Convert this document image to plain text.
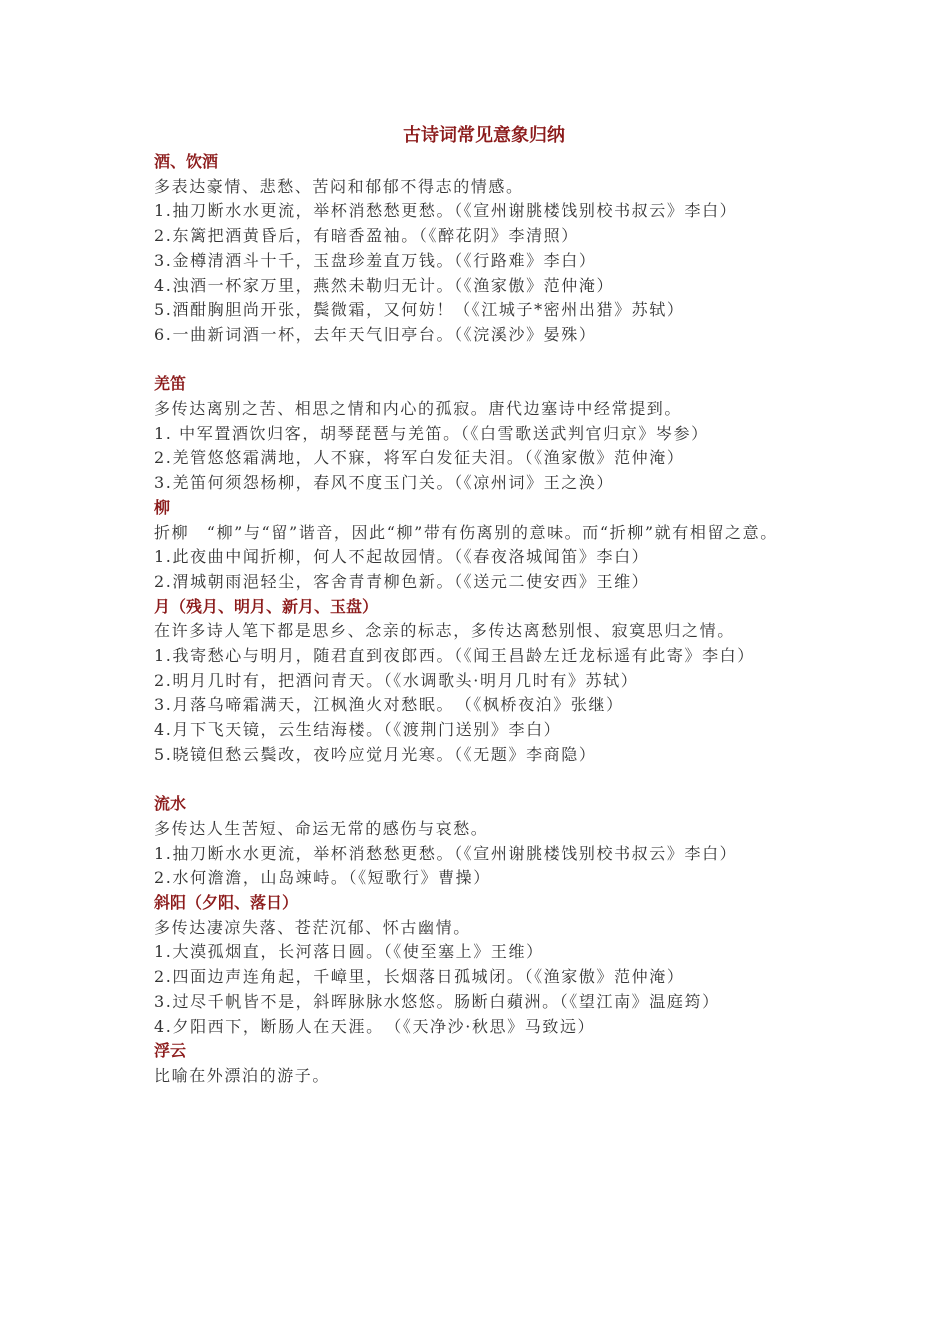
古诗词常见意象归纳

酒、饮酒

多表达豪情、悲愁、苦闷和郁郁不得志的情感。

1.抽刀断水水更流，举杯消愁愁更愁。（《宣州谢朓楼饯别校书叔云》李白）

2.东篱把酒黄昏后，有暗香盈袖。（《醉花阴》李清照）

3.金樽清酒斗十千，玉盘珍羞直万钱。（《行路难》李白）

4.浊酒一杯家万里，燕然未勒归无计。（《渔家傲》范仲淹）

5.酒酣胸胆尚开张，鬓微霜，又何妨！（《江城子*密州出猎》苏轼）

6.一曲新词酒一杯，去年天气旧亭台。（《浣溪沙》晏殊）

羌笛

多传达离别之苦、相思之情和内心的孤寂。唐代边塞诗中经常提到。

1. 中军置酒饮归客，胡琴琵琶与羌笛。（《白雪歌送武判官归京》岑参）

2.羌管悠悠霜满地，人不寐，将军白发征夫泪。（《渔家傲》范仲淹）

3.羌笛何须怨杨柳，春风不度玉门关。（《凉州词》王之涣）

柳

折柳　“柳”与“留”谐音，因此“柳”带有伤离别的意味。而“折柳”就有相留之意。

1.此夜曲中闻折柳，何人不起故园情。（《春夜洛城闻笛》李白）

2.渭城朝雨浥轻尘，客舍青青柳色新。（《送元二使安西》王维）

月（残月、明月、新月、玉盘）

在许多诗人笔下都是思乡、念亲的标志，多传达离愁别恨、寂寞思归之情。

1.我寄愁心与明月，随君直到夜郎西。（《闻王昌龄左迁龙标遥有此寄》李白）

2.明月几时有，把酒问青天。（《水调歌头·明月几时有》苏轼）

3.月落乌啼霜满天，江枫渔火对愁眠。　（《枫桥夜泊》张继）

4.月下飞天镜，云生结海楼。（《渡荆门送别》李白）

5.晓镜但愁云鬓改，夜吟应觉月光寒。（《无题》李商隐）

流水

多传达人生苦短、命运无常的感伤与哀愁。

1.抽刀断水水更流，举杯消愁愁更愁。（《宣州谢朓楼饯别校书叔云》李白）

2.水何澹澹，山岛竦峙。（《短歌行》曹操）

斜阳（夕阳、落日）

多传达凄凉失落、苍茫沉郁、怀古幽情。

1.大漠孤烟直，长河落日圆。（《使至塞上》王维）

2.四面边声连角起，千嶂里，长烟落日孤城闭。（《渔家傲》范仲淹）

3.过尽千帆皆不是，斜晖脉脉水悠悠。肠断白蘋洲。（《望江南》温庭筠）

4.夕阳西下，断肠人在天涯。　（《天净沙·秋思》马致远）

浮云

比喻在外漂泊的游子。
